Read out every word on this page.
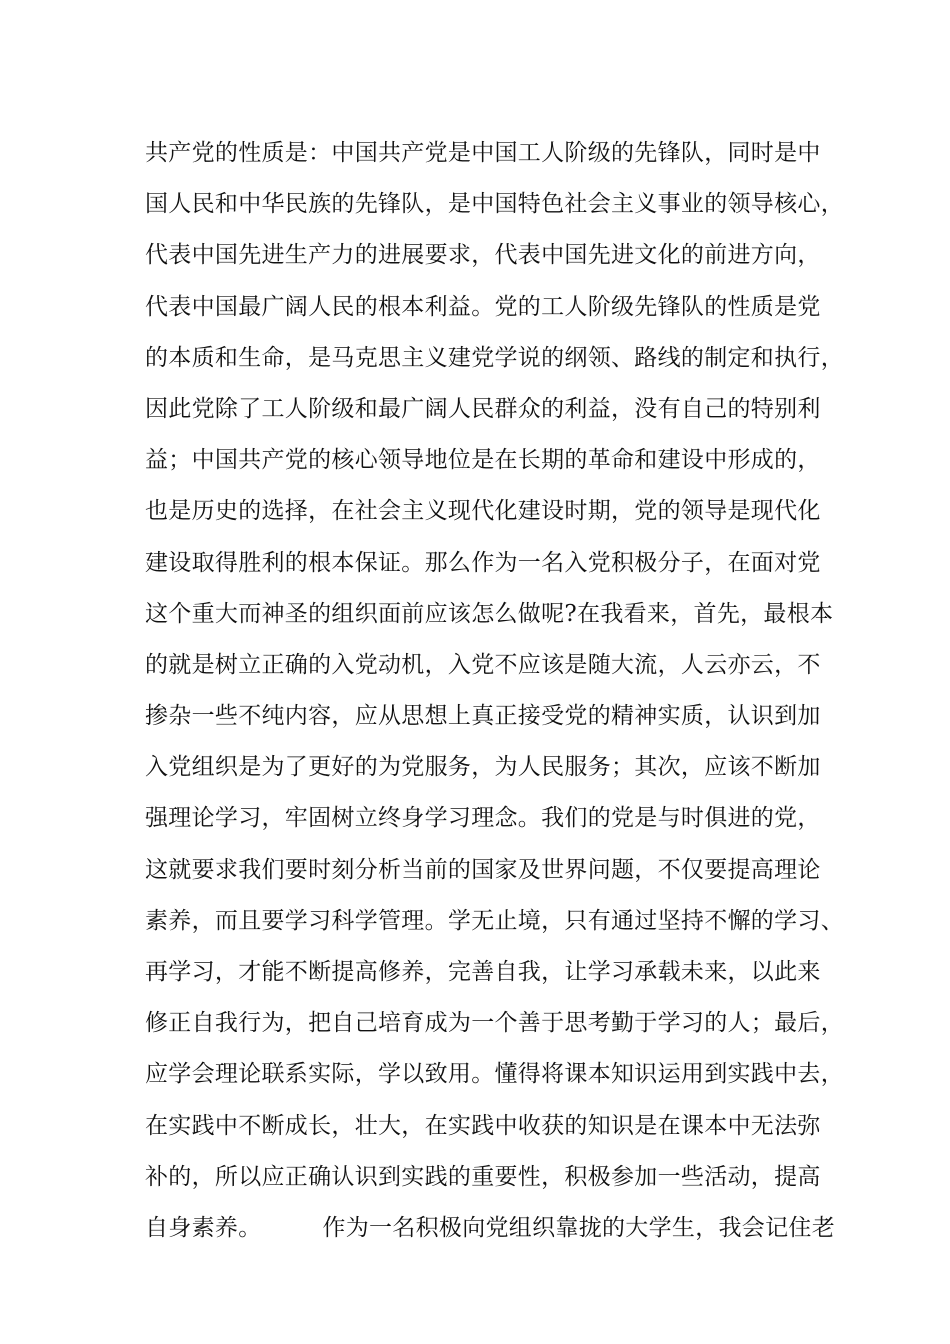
共产党的性质是：中国共产党是中国工人阶级的先锋队，同时是中
国人民和中华民族的先锋队，是中国特色社会主义事业的领导核心，
代表中国先进生产力的进展要求，代表中国先进文化的前进方向，
代表中国最广阔人民的根本利益。党的工人阶级先锋队的性质是党
的本质和生命，是马克思主义建党学说的纲领、路线的制定和执行，
因此党除了工人阶级和最广阔人民群众的利益，没有自己的特别利
益；中国共产党的核心领导地位是在长期的革命和建设中形成的，
也是历史的选择，在社会主义现代化建设时期，党的领导是现代化
建设取得胜利的根本保证。那么作为一名入党积极分子，在面对党
这个重大而神圣的组织面前应该怎么做呢?在我看来，首先，最根本
的就是树立正确的入党动机，入党不应该是随大流，人云亦云，不
掺杂一些不纯内容，应从思想上真正接受党的精神实质，认识到加
入党组织是为了更好的为党服务，为人民服务；其次，应该不断加
强理论学习，牢固树立终身学习理念。我们的党是与时俱进的党，
这就要求我们要时刻分析当前的国家及世界问题，不仅要提高理论
素养，而且要学习科学管理。学无止境，只有通过坚持不懈的学习、
再学习，才能不断提高修养，完善自我，让学习承载未来，以此来
修正自我行为，把自己培育成为一个善于思考勤于学习的人；最后，
应学会理论联系实际，学以致用。懂得将课本知识运用到实践中去，
在实践中不断成长，壮大，在实践中收获的知识是在课本中无法弥
补的，所以应正确认识到实践的重要性，积极参加一些活动，提高
自身素养。        作为一名积极向党组织靠拢的大学生，我会记住老
